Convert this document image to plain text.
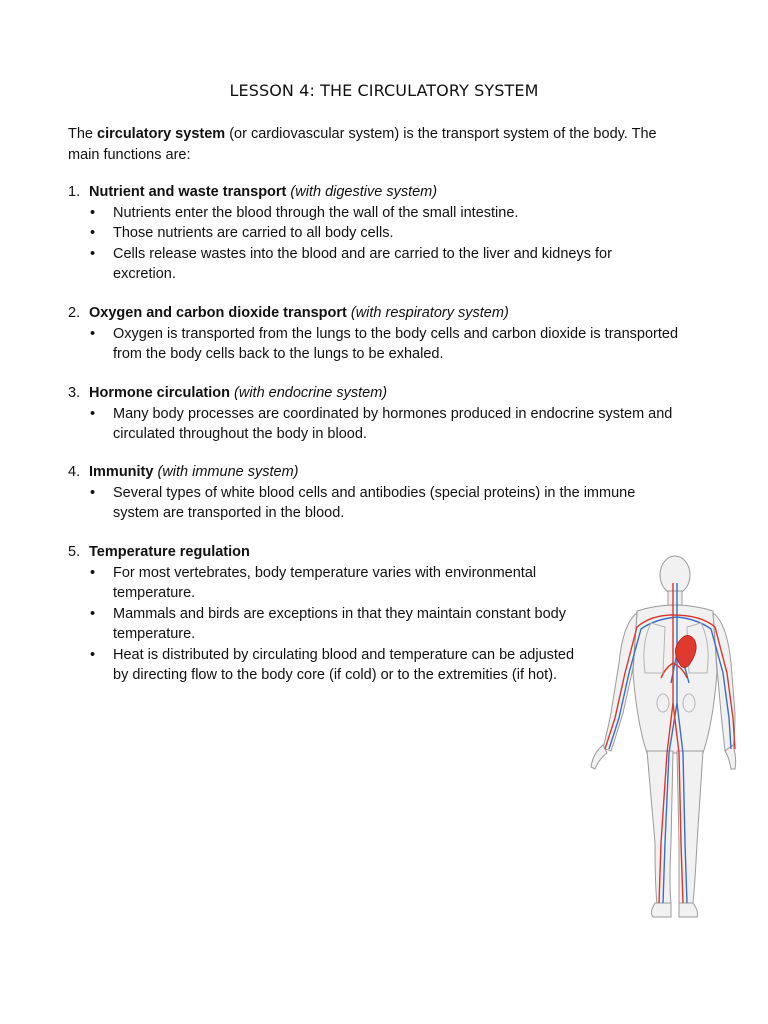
LESSON 4: THE CIRCULATORY SYSTEM
The circulatory system (or cardiovascular system) is the transport system of the body. The
main functions are:
1. Nutrient and waste transport (with digestive system)
• Nutrients enter the blood through the wall of the small intestine.
• Those nutrients are carried to all body cells.
• Cells release wastes into the blood and are carried to the liver and kidneys for excretion.
2. Oxygen and carbon dioxide transport (with respiratory system)
• Oxygen is transported from the lungs to the body cells and carbon dioxide is transported from the body cells back to the lungs to be exhaled.
3. Hormone circulation (with endocrine system)
• Many body processes are coordinated by hormones produced in endocrine system and circulated throughout the body in blood.
4. Immunity (with immune system)
• Several types of white blood cells and antibodies (special proteins) in the immune system are transported in the blood.
5. Temperature regulation
• For most vertebrates, body temperature varies with environmental temperature.
• Mammals and birds are exceptions in that they maintain constant body temperature.
• Heat is distributed by circulating blood and temperature can be adjusted by directing flow to the body core (if cold) or to the extremities (if hot).
